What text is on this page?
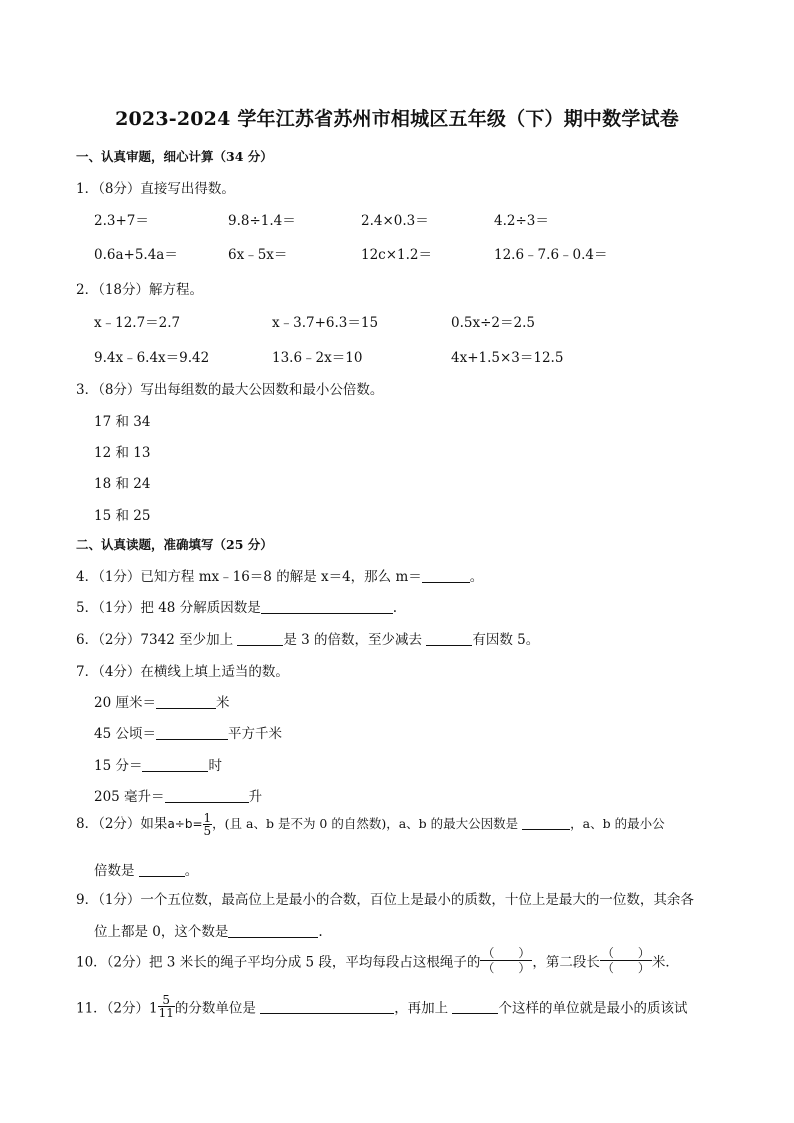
2023-2024 学年江苏省苏州市相城区五年级（下）期中数学试卷
一、认真审题，细心计算（34 分）
1．（8分）直接写出得数。
2.3+7＝	9.8÷1.4＝	2.4×0.3＝	4.2÷3＝
0.6a+5.4a＝	6x﹣5x＝	12c×1.2＝	12.6﹣7.6﹣0.4＝
2．（18分）解方程。
x﹣12.7＝2.7	x﹣3.7+6.3＝15	0.5x÷2＝2.5
9.4x﹣6.4x＝9.42	13.6﹣2x＝10	4x+1.5×3＝12.5
3．（8分）写出每组数的最大公因数和最小公倍数。
17 和 34
12 和 13
18 和 24
15 和 25
二、认真读题，准确填写（25 分）
4．（1分）已知方程 mx﹣16＝8 的解是 x＝4，那么 m＝	。
5．（1分）把 48 分解质因数是	.
6．（2分）7342 至少加上	是 3 的倍数，至少减去	有因数 5。
7．（4分）在横线上填上适当的数。
20 厘米＝	米
45 公顷＝	平方千米
15 分＝	时
205 毫升＝	升
8．（2分）如果$a\div b= \frac{1}{5}$ ，(且 a、b 是不为 0 的自然数)，a、b 的最大公因数是	，a、b 的最小公
倍数是	。
9．（1分）一个五位数，最高位上是最小的合数，百位上是最小的质数，十位上是最大的一位数，其余各
位上都是 0，这个数是	.
10．（2分）把 3 米长的绳子平均分成 5 段，平均每段占这根绳子的
（　　）
（　　） ，第二段长
（　　）
（　　） 米．
11．（2分）$1 \frac{5}{11}$ 的分数单位是	，再加上	个这样的单位就是最小的质该试
